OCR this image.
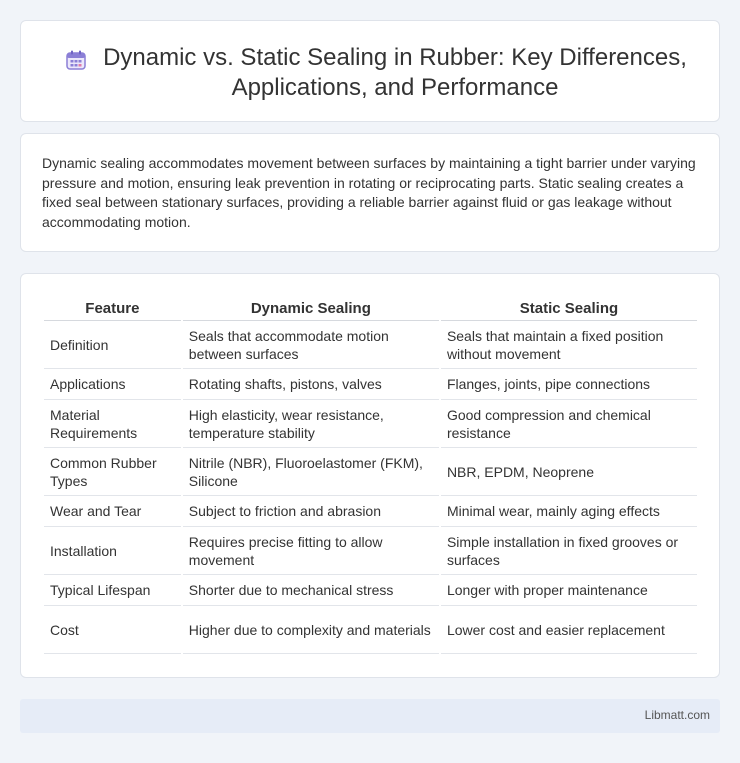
Dynamic vs. Static Sealing in Rubber: Key Differences,
Applications, and Performance

Dynamic sealing accommodates movement between surfaces by maintaining a tight barrier under varying pressure and motion, ensuring leak prevention in rotating or reciprocating parts. Static sealing creates a fixed seal between stationary surfaces, providing a reliable barrier against fluid or gas leakage without accommodating motion.

Feature	Dynamic Sealing	Static Sealing
Definition	Seals that accommodate motion between surfaces	Seals that maintain a fixed position without movement
Applications	Rotating shafts, pistons, valves	Flanges, joints, pipe connections
Material Requirements	High elasticity, wear resistance, temperature stability	Good compression and chemical resistance
Common Rubber Types	Nitrile (NBR), Fluoroelastomer (FKM), Silicone	NBR, EPDM, Neoprene
Wear and Tear	Subject to friction and abrasion	Minimal wear, mainly aging effects
Installation	Requires precise fitting to allow movement	Simple installation in fixed grooves or surfaces
Typical Lifespan	Shorter due to mechanical stress	Longer with proper maintenance
Cost	Higher due to complexity and materials	Lower cost and easier replacement
Libmatt.com
